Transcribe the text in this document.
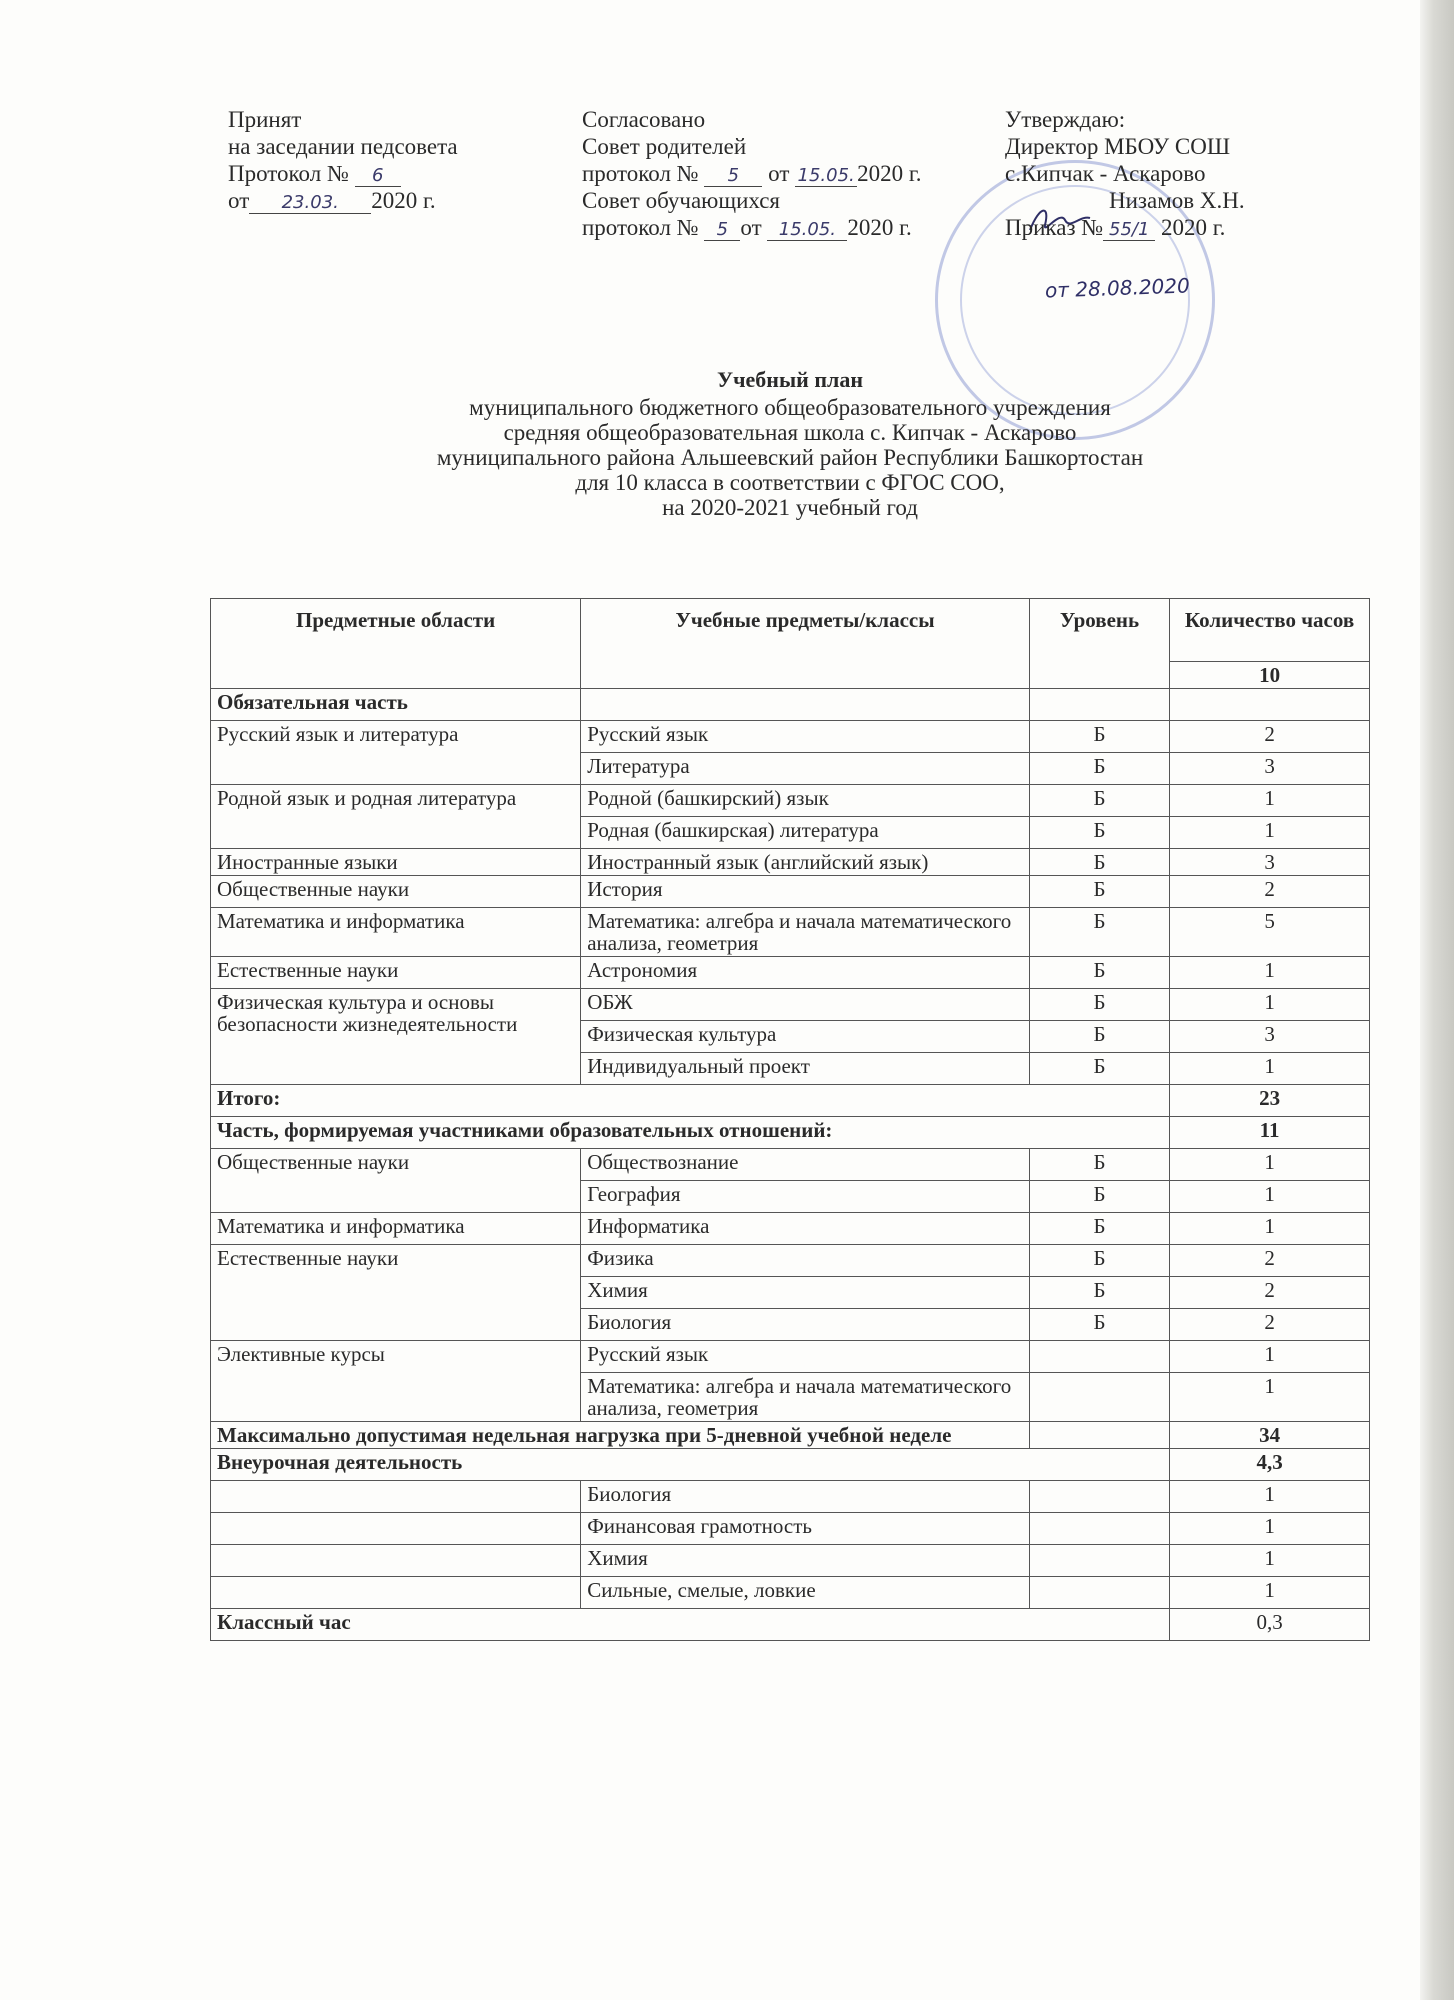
Принят
на заседании педсовета
Протокол № 6
от 23.03. 2020 г.
Согласовано
Совет родителей
протокол № 5 от 15.05. 2020 г.
Совет обучающихся
протокол № 5 от 15.05. 2020 г.
Утверждаю:
Директор МБОУ СОШ
с.Кипчак - Аскарово
Низамов Х.Н.
Приказ № 55/1 2020 г.
от 28.08.2020
Учебный план
муниципального бюджетного общеобразовательного учреждения
средняя общеобразовательная школа с. Кипчак - Аскарово
муниципального района Альшеевский район Республики Башкортостан
для 10 класса в соответствии с ФГОС СОО,
на 2020-2021 учебный год
Предметные области	Учебные предметы/классы	Уровень	Количество часов
			10
Обязательная часть			
Русский язык и литература	Русский язык	Б	2
	Литература	Б	3
Родной язык и родная литература	Родной (башкирский) язык	Б	1
	Родная (башкирская) литература	Б	1
Иностранные языки	Иностранный язык (английский язык)	Б	3
Общественные науки	История	Б	2
Математика и информатика	Математика: алгебра и начала математического анализа, геометрия	Б	5
Естественные науки	Астрономия	Б	1
Физическая культура и основы безопасности жизнедеятельности	ОБЖ	Б	1
	Физическая культура	Б	3
	Индивидуальный проект	Б	1
Итого:			23
Часть, формируемая участниками образовательных отношений:			11
Общественные науки	Обществознание	Б	1
	География	Б	1
Математика и информатика	Информатика	Б	1
Естественные науки	Физика	Б	2
	Химия	Б	2
	Биология	Б	2
Элективные курсы	Русский язык		1
	Математика: алгебра и начала математического анализа, геометрия		1
Максимально допустимая недельная нагрузка при 5-дневной учебной неделе			34
Внеурочная деятельность			4,3
	Биология		1
	Финансовая грамотность		1
	Химия		1
	Сильные, смелые, ловкие		1
Классный час			0,3
